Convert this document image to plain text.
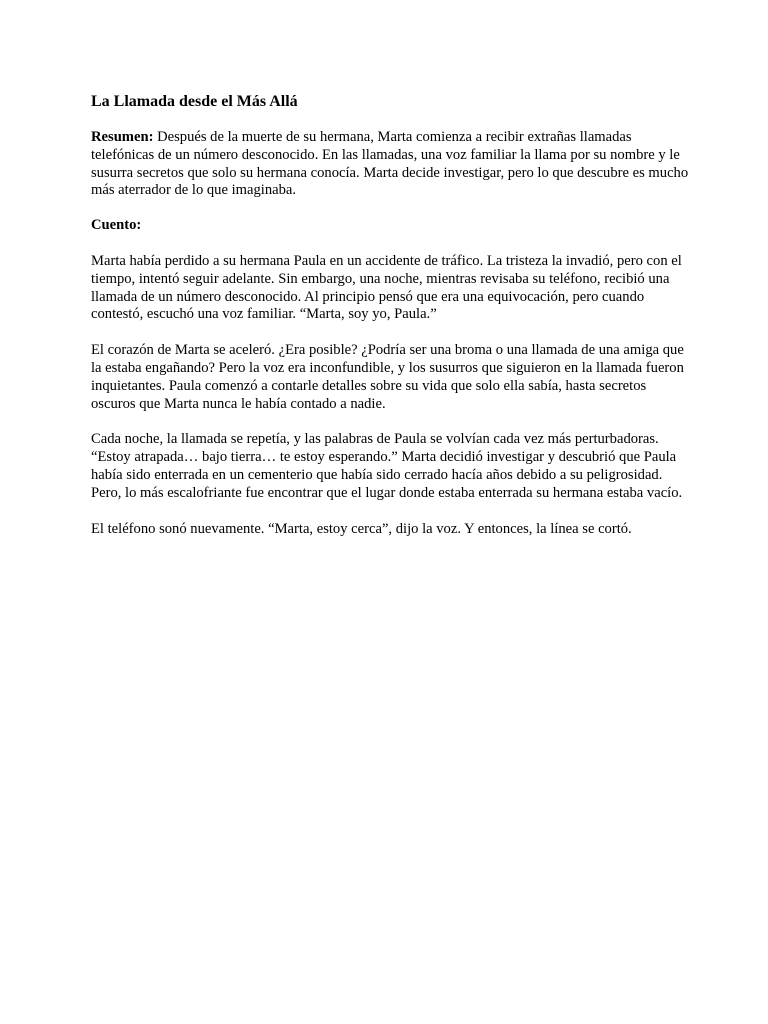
La Llamada desde el Más Allá

Resumen: Después de la muerte de su hermana, Marta comienza a recibir extrañas llamadas telefónicas de un número desconocido. En las llamadas, una voz familiar la llama por su nombre y le susurra secretos que solo su hermana conocía. Marta decide investigar, pero lo que descubre es mucho más aterrador de lo que imaginaba.

Cuento:

Marta había perdido a su hermana Paula en un accidente de tráfico. La tristeza la invadió, pero con el tiempo, intentó seguir adelante. Sin embargo, una noche, mientras revisaba su teléfono, recibió una llamada de un número desconocido. Al principio pensó que era una equivocación, pero cuando contestó, escuchó una voz familiar. “Marta, soy yo, Paula.”

El corazón de Marta se aceleró. ¿Era posible? ¿Podría ser una broma o una llamada de una amiga que la estaba engañando? Pero la voz era inconfundible, y los susurros que siguieron en la llamada fueron inquietantes. Paula comenzó a contarle detalles sobre su vida que solo ella sabía, hasta secretos oscuros que Marta nunca le había contado a nadie.

Cada noche, la llamada se repetía, y las palabras de Paula se volvían cada vez más perturbadoras. “Estoy atrapada… bajo tierra… te estoy esperando.” Marta decidió investigar y descubrió que Paula había sido enterrada en un cementerio que había sido cerrado hacía años debido a su peligrosidad. Pero, lo más escalofriante fue encontrar que el lugar donde estaba enterrada su hermana estaba vacío.

El teléfono sonó nuevamente. “Marta, estoy cerca”, dijo la voz. Y entonces, la línea se cortó.
